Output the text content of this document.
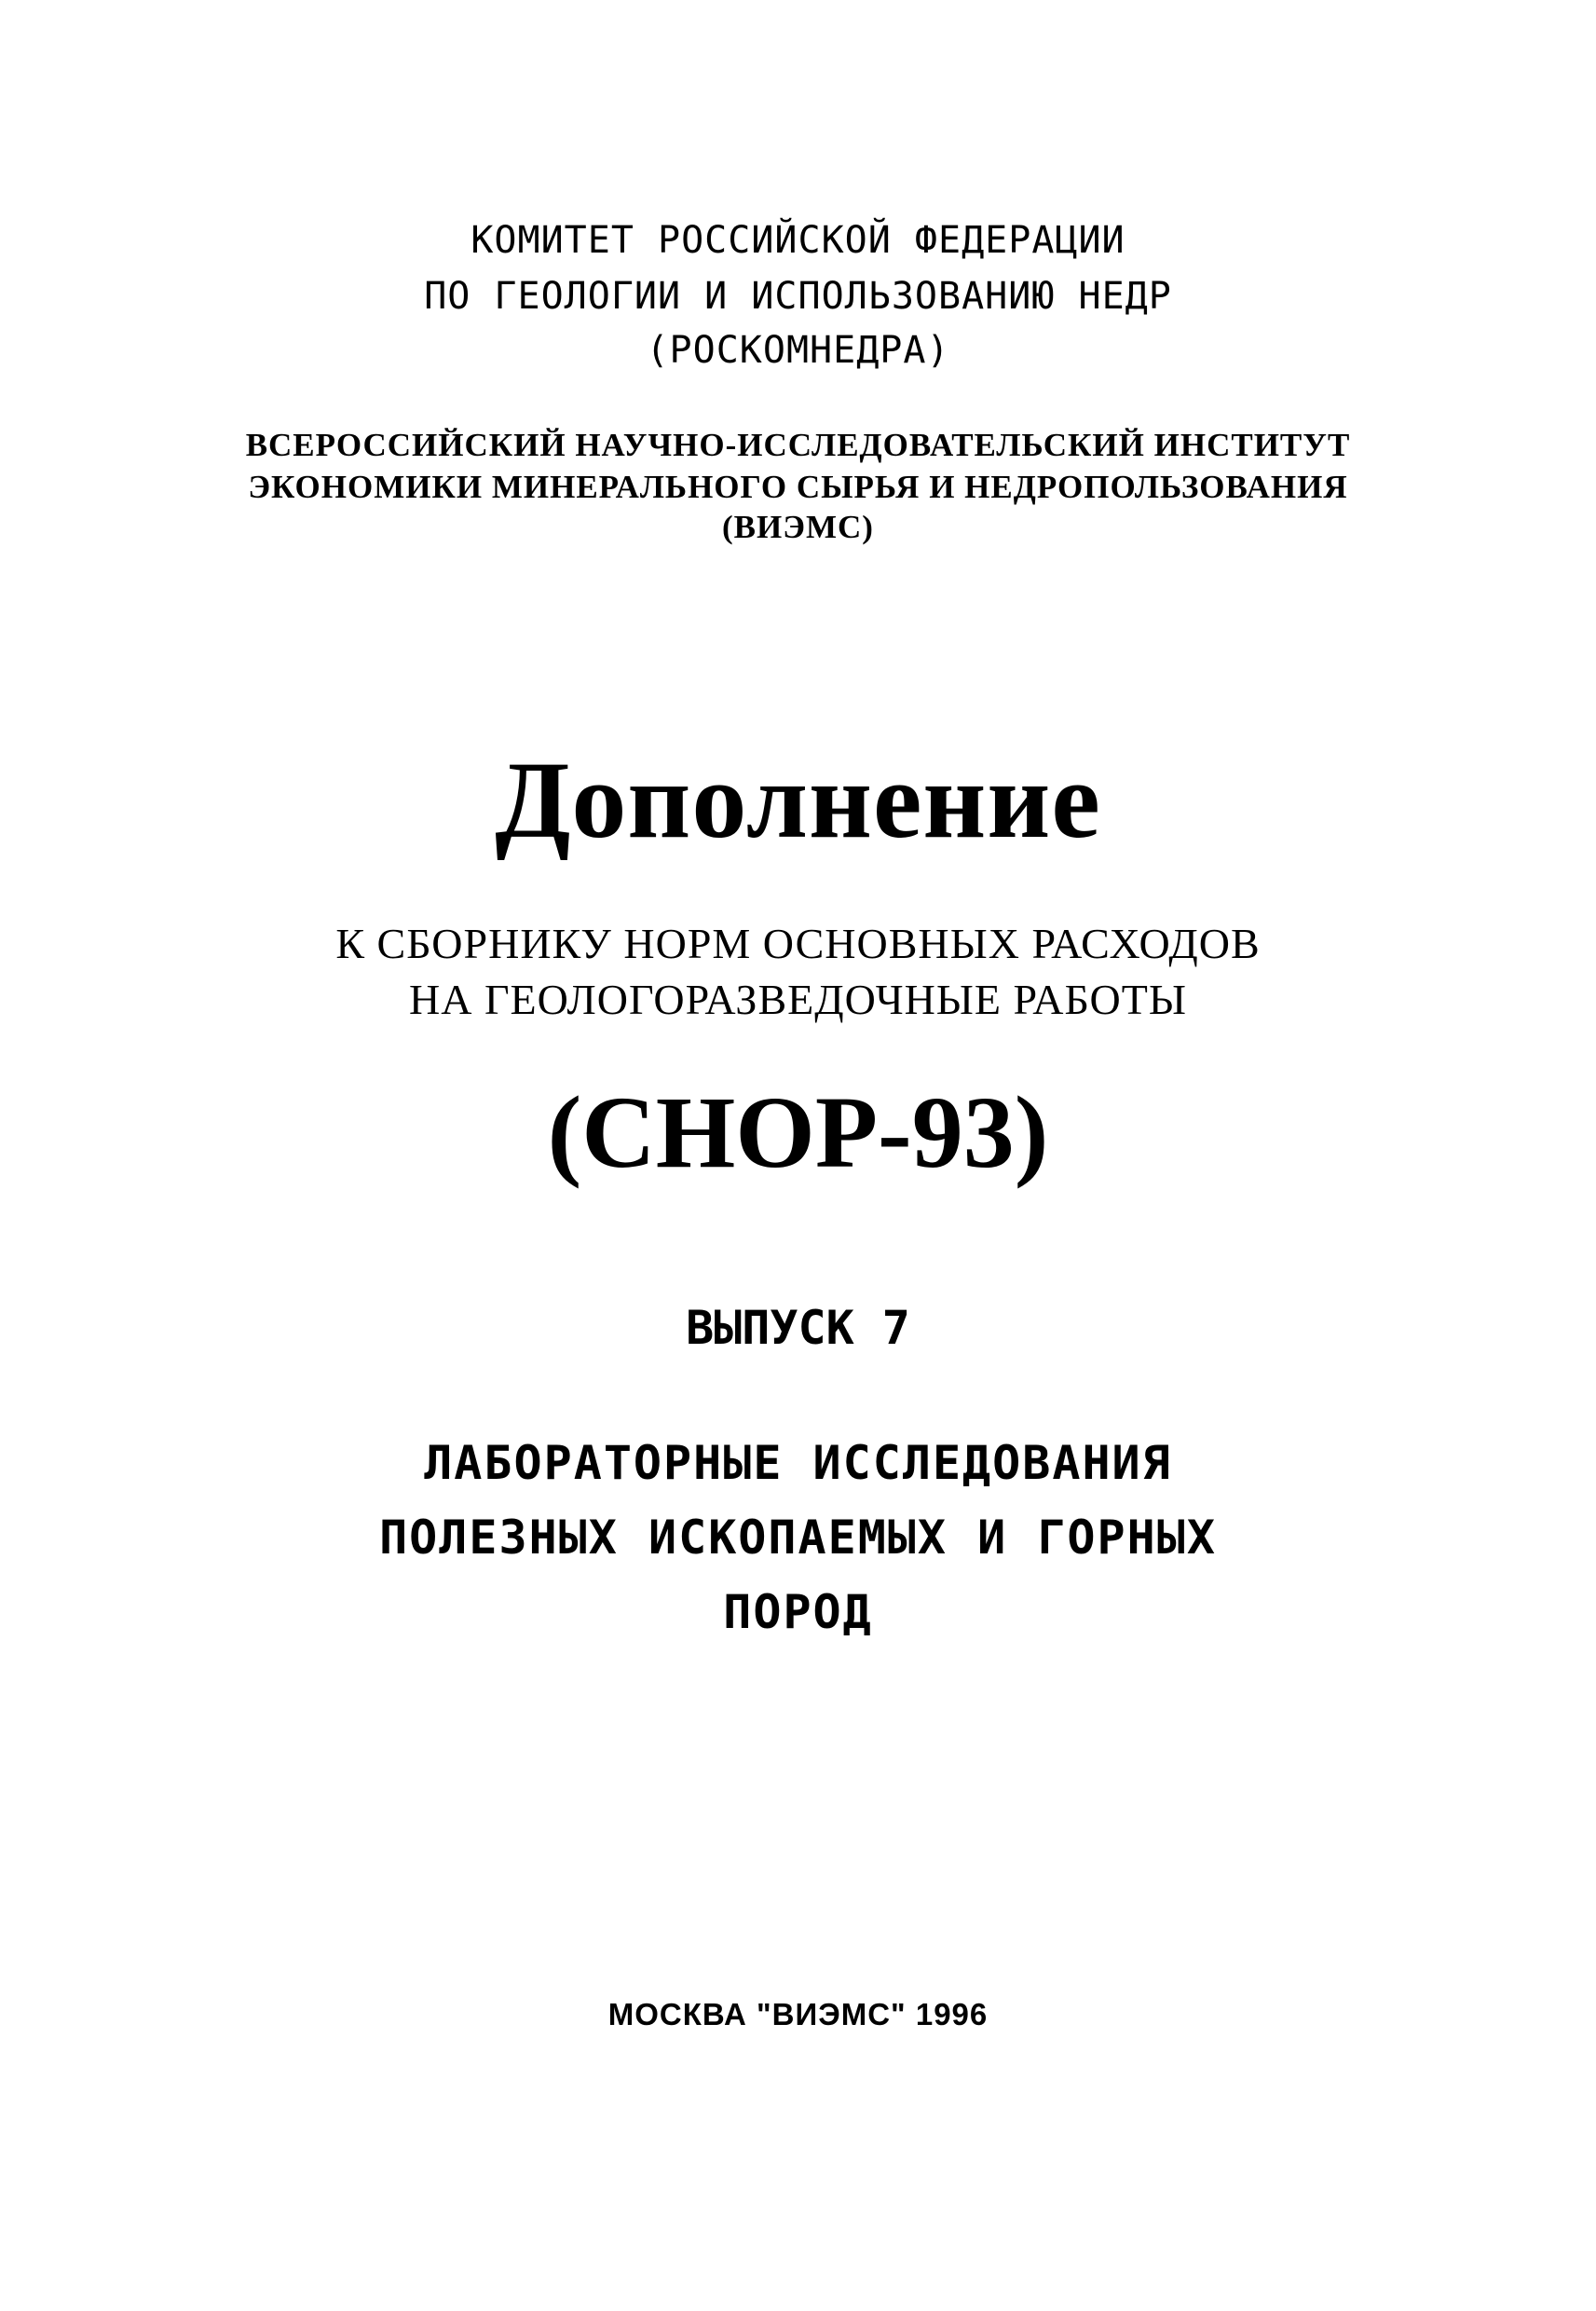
КОМИТЕТ РОССИЙСКОЙ ФЕДЕРАЦИИ

ПО ГЕОЛОГИИ И ИСПОЛЬЗОВАНИЮ НЕДР

(РОСКОМНЕДРА)

ВСЕРОССИЙСКИЙ НАУЧНО-ИССЛЕДОВАТЕЛЬСКИЙ ИНСТИТУТ

ЭКОНОМИКИ МИНЕРАЛЬНОГО СЫРЬЯ И НЕДРОПОЛЬЗОВАНИЯ

(ВИЭМС)

Дополнение

К СБОРНИКУ НОРМ ОСНОВНЫХ РАСХОДОВ

НА ГЕОЛОГОРАЗВЕДОЧНЫЕ РАБОТЫ

(СНОР-93)

ВЫПУСК 7

ЛАБОРАТОРНЫЕ ИССЛЕДОВАНИЯ

ПОЛЕЗНЫХ ИСКОПАЕМЫХ И ГОРНЫХ

ПОРОД

МОСКВА "ВИЭМС" 1996
